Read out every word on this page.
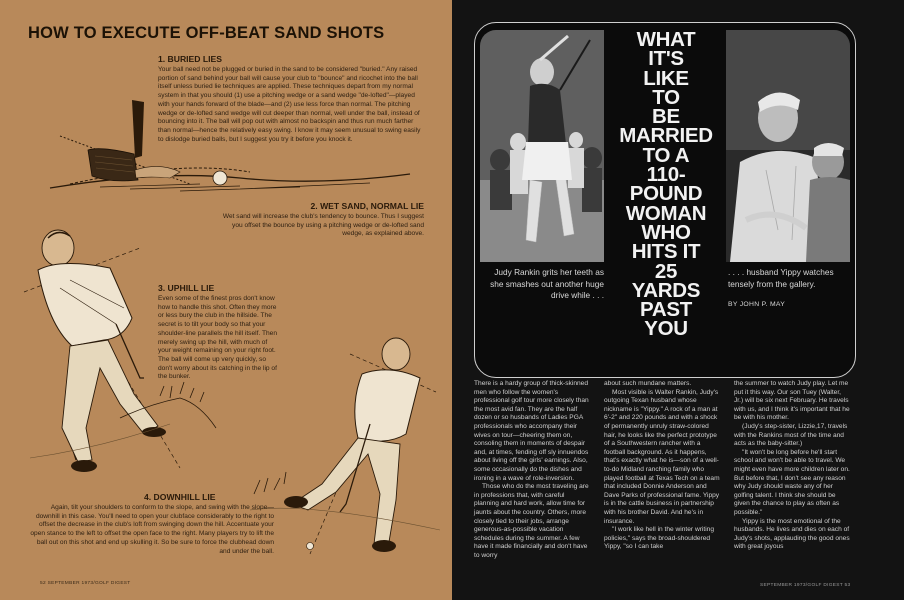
HOW TO EXECUTE OFF-BEAT SAND SHOTS
1. BURIED LIES
Your ball need not be plugged or buried in the sand to be considered "buried." Any raised portion of sand behind your ball will cause your club to "bounce" and ricochet into the ball itself unless buried lie techniques are applied. These techniques depart from my normal system in that you should (1) use a pitching wedge or a sand wedge "de-lofted"—played with your hands forward of the blade—and (2) use less force than normal. The pitching wedge or de-lofted sand wedge will cut deeper than normal, well under the ball, instead of bouncing into it. The ball will pop out with almost no backspin and thus run much farther than normal—hence the relatively easy swing. I know it may seem unusual to swing easily to dislodge buried balls, but I suggest you try it before you knock it.
2. WET SAND, NORMAL LIE
Wet sand will increase the club's tendency to bounce. Thus I suggest you offset the bounce by using a pitching wedge or de-lofted sand wedge, as explained above.
3. UPHILL LIE
Even some of the finest pros don't know how to handle this shot. Often they more or less bury the club in the hillside. The secret is to tilt your body so that your shoulder-line parallels the hill itself. Then merely swing up the hill, with much of your weight remaining on your right foot. The ball will come up very quickly, so don't worry about its catching in the lip of the bunker.
4. DOWNHILL LIE
Again, tilt your shoulders to conform to the slope, and swing with the slope—downhill in this case. You'll need to open your clubface considerably to the right to offset the decrease in the club's loft from swinging down the hill. Accentuate your open stance to the left to offset the open face to the right. Many players try to lift the ball out on this shot and end up skulling it. So be sure to force the clubhead down and under the ball.
52 SEPTEMBER 1973/GOLF DIGEST
WHAT
IT'S
LIKE
TO
BE
MARRIED
TO A
110-
POUND
WOMAN
WHO
HITS IT
25
YARDS
PAST
YOU
Judy Rankin grits her teeth as she smashes out another huge drive while . . .
. . . . husband Yippy watches tensely from the gallery.
BY JOHN P. MAY

There is a hardy group of thick-skinned men who follow the women's professional golf tour more closely than the most avid fan. They are the half dozen or so husbands of Ladies PGA professionals who accompany their wives on tour—cheering them on, consoling them in moments of despair and, at times, fending off sly innuendos about living off the girls' earnings. Also, some occasionally do the dishes and ironing in a wave of role-inversion.

Those who do the most traveling are in professions that, with careful planning and hard work, allow time for jaunts about the country. Others, more closely tied to their jobs, arrange generous-as-possible vacation schedules during the summer. A few have it made financially and don't have to worry

about such mundane matters.

Most visible is Walter Rankin, Judy's outgoing Texan husband whose nickname is "Yippy." A rock of a man at 6'-2" and 220 pounds and with a shock of permanently unruly straw-colored hair, he looks like the perfect prototype of a Southwestern rancher with a football background. As it happens, that's exactly what he is—son of a well-to-do Midland ranching family who played football at Texas Tech on a team that included Donnie Anderson and Dave Parks of professional fame. Yippy is in the cattle business in partnership with his brother David. And he's in insurance.

"I work like hell in the winter writing policies," says the broad-shouldered Yippy, "so I can take

the summer to watch Judy play. Let me put it this way. Our son Tuey (Walter, Jr.) will be six next February. He travels with us, and I think it's important that he be with his mother.

(Judy's step-sister, Lizzie,17, travels with the Rankins most of the time and acts as the baby-sitter.)

"It won't be long before he'll start school and won't be able to travel. We might even have more children later on. But before that, I don't see any reason why Judy should waste any of her golfing talent. I think she should be given the chance to play as often as possible."

Yippy is the most emotional of the husbands. He lives and dies on each of Judy's shots, applauding the good ones with great joyous

SEPTEMBER 1973/GOLF DIGEST 53
